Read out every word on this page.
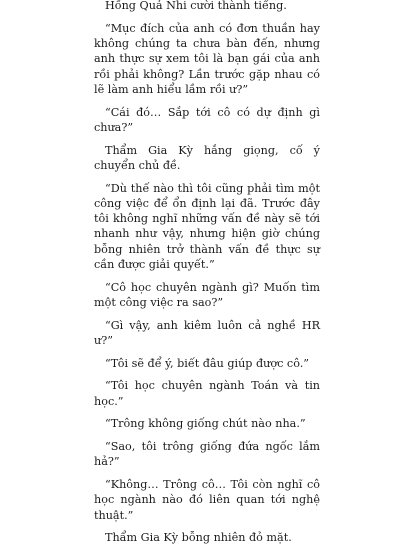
Hồng Quả Nhi cười thành tiếng.

“Mục đích của anh có đơn thuần hay không chúng ta chưa bàn đến, nhưng anh thực sự xem tôi là bạn gái của anh rồi phải không? Lần trước gặp nhau có lẽ làm anh hiểu lầm rồi ư?”

“Cái đó… Sắp tới cô có dự định gì chưa?”

Thẩm Gia Kỳ hắng giọng, cố ý chuyển chủ đề.

“Dù thế nào thì tôi cũng phải tìm một công việc để ổn định lại đã. Trước đây tôi không nghĩ những vấn đề này sẽ tới nhanh như vậy, nhưng hiện giờ chúng bỗng nhiên trở thành vấn đề thực sự cần được giải quyết.”

“Cô học chuyên ngành gì? Muốn tìm một công việc ra sao?”

“Gì vậy, anh kiêm luôn cả nghề HR ư?”

“Tôi sẽ để ý, biết đâu giúp được cô.”

“Tôi học chuyên ngành Toán và tin học.”

“Trông không giống chút nào nha.”

“Sao, tôi trông giống đứa ngốc lắm hả?”

“Không… Trông cô… Tôi còn nghĩ cô học ngành nào đó liên quan tới nghệ thuật.”

Thẩm Gia Kỳ bỗng nhiên đỏ mặt.
